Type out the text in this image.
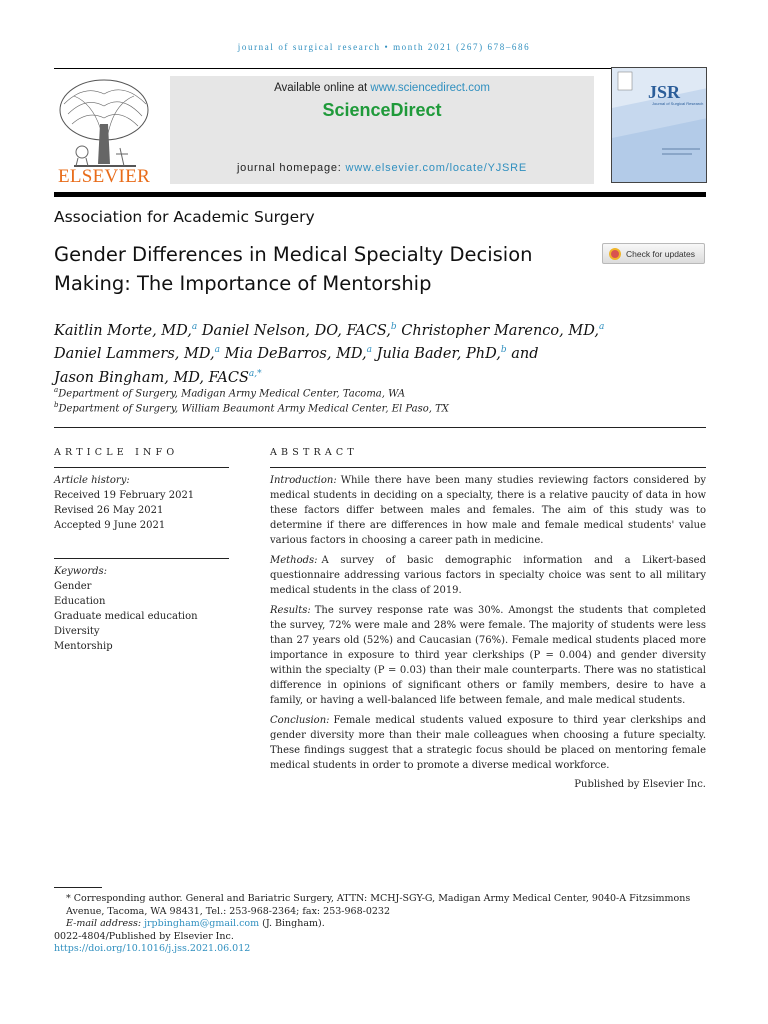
journal of surgical research • month 2021 (267) 678–686
ELSEVIER
Available online at www.sciencedirect.com
ScienceDirect
journal homepage: www.elsevier.com/locate/YJSRE
JSR
Journal of Surgical Research
Association for Academic Surgery
Gender Differences in Medical Specialty Decision
Making: The Importance of Mentorship
Check for updates
Kaitlin Morte, MD,$^a$ Daniel Nelson, DO, FACS,$^b$ Christopher Marenco, MD,$^a$
Daniel Lammers, MD,$^a$ Mia DeBarros, MD,$^a$ Julia Bader, PhD,$^b$ and
Jason Bingham, MD, $FACS^{a,*}$
$^a$Department of Surgery, Madigan Army Medical Center, Tacoma, WA
$^b$Department of Surgery, William Beaumont Army Medical Center, El Paso, TX
ARTICLE INFO	ABSTRACT
Article history:
Received 19 February 2021
Revised 26 May 2021
Accepted 9 June 2021
Keywords:
Gender
Education
Graduate medical education
Diversity
Mentorship

Introduction: While there have been many studies reviewing factors considered by medical students in deciding on a specialty, there is a relative paucity of data in how these factors differ between males and females. The aim of this study was to determine if there are differences in how male and female medical students' value various factors in choosing a career path in medicine.

Methods: A survey of basic demographic information and a Likert-based questionnaire addressing various factors in specialty choice was sent to all military medical students in the class of 2019.

Results: The survey response rate was 30%. Amongst the students that completed the survey, 72% were male and 28% were female. The majority of students were less than 27 years old (52%) and Caucasian (76%). Female medical students placed more importance in exposure to third year clerkships (P = 0.004) and gender diversity within the specialty (P = 0.03) than their male counterparts. There was no statistical difference in opinions of significant others or family members, desire to have a family, or having a well-balanced life between female, and male medical students.

Conclusion: Female medical students valued exposure to third year clerkships and gender diversity more than their male colleagues when choosing a future specialty. These findings suggest that a strategic focus should be placed on mentoring female medical students in order to promote a diverse medical workforce.

Published by Elsevier Inc.
* Corresponding author. General and Bariatric Surgery, ATTN: MCHJ-SGY-G, Madigan Army Medical Center, 9040-A Fitzsimmons Avenue, Tacoma, WA 98431, Tel.: 253-968-2364; fax: 253-968-0232
E-mail address: jrpbingham@gmail.com (J. Bingham).
0022-4804/Published by Elsevier Inc.
https://doi.org/10.1016/j.jss.2021.06.012
